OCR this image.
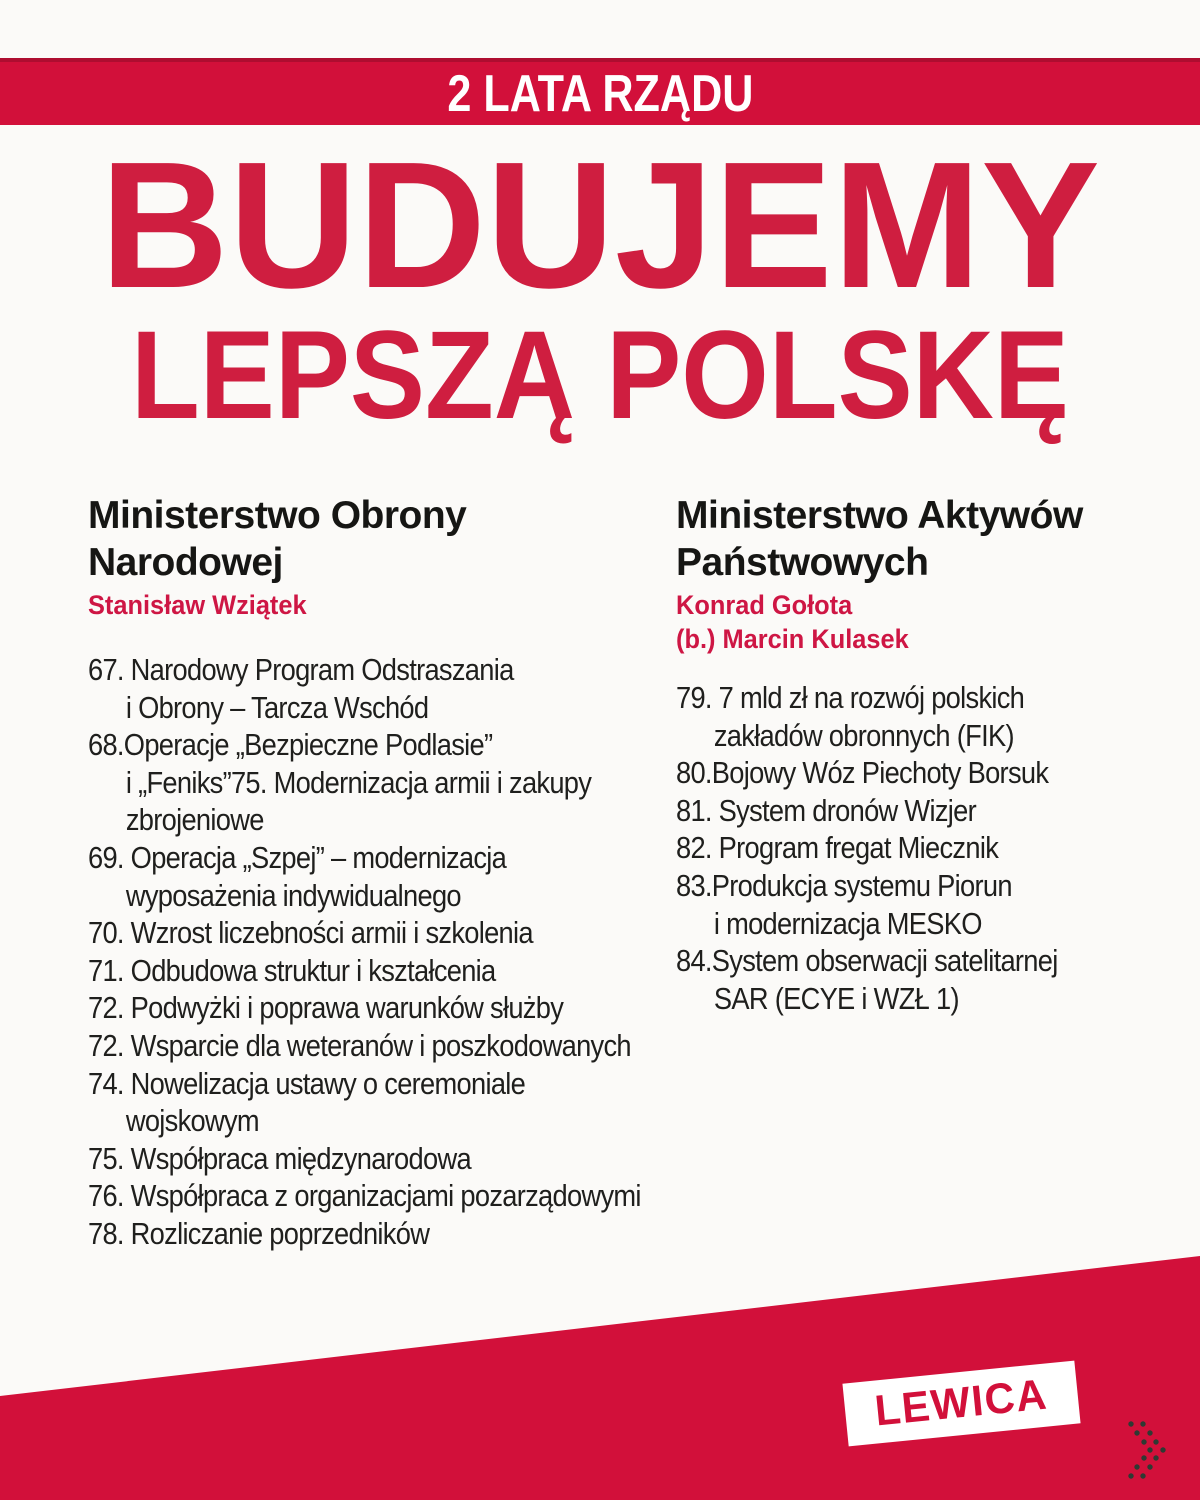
2 LATA RZĄDU
BUDUJEMY
LEPSZĄ POLSKĘ
Ministerstwo Obrony
Narodowej
Stanisław Wziątek
Ministerstwo Aktywów
Państwowych
Konrad Gołota
(b.) Marcin Kulasek
67. Narodowy Program Odstraszania
i Obrony – Tarcza Wschód
68.Operacje „Bezpieczne Podlasie”
i „Feniks”75. Modernizacja armii i zakupy
zbrojeniowe
69. Operacja „Szpej” – modernizacja
wyposażenia indywidualnego
70. Wzrost liczebności armii i szkolenia
71. Odbudowa struktur i kształcenia
72. Podwyżki i poprawa warunków służby
72. Wsparcie dla weteranów i poszkodowanych
74. Nowelizacja ustawy o ceremoniale
wojskowym
75. Współpraca międzynarodowa
76. Współpraca z organizacjami pozarządowymi
78. Rozliczanie poprzedników
79. 7 mld zł na rozwój polskich
zakładów obronnych (FIK)
80.Bojowy Wóz Piechoty Borsuk
81. System dronów Wizjer
82. Program fregat Miecznik
83.Produkcja systemu Piorun
i modernizacja MESKO
84.System obserwacji satelitarnej
SAR (ECYE i WZŁ 1)
LEWICA
